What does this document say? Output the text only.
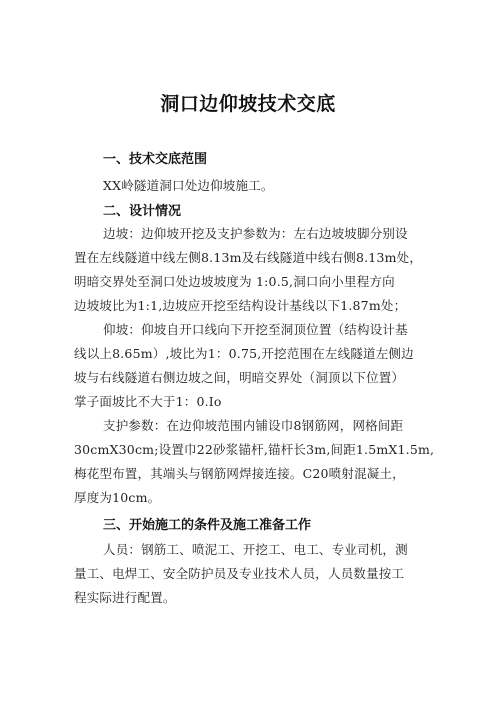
洞口边仰坡技术交底
一、技术交底范围
XX岭隧道洞口处边仰坡施工。
二、设计情况
边坡：边仰坡开挖及支护参数为：左右边坡坡脚分别设
置在左线隧道中线左侧8.13m及右线隧道中线右侧8.13m处，
明暗交界处至洞口处边坡坡度为 1:0.5,洞口向小里程方向
边坡坡比为1:1,边坡应开挖至结构设计基线以下1.87m处；
仰坡：仰坡自开口线向下开挖至洞顶位置（结构设计基
线以上8.65m）,坡比为1：0.75,开挖范围在左线隧道左侧边
坡与右线隧道右侧边坡之间，明暗交界处（洞顶以下位置）
掌子面坡比不大于1：0.Io
支护参数：在边仰坡范围内铺设巾8钢筋网，网格间距
30cmX30cm;设置巾22砂浆锚杆,锚杆长3m,间距1.5mX1.5m,
梅花型布置，其端头与钢筋网焊接连接。C20喷射混凝土，
厚度为10cm。
三、开始施工的条件及施工准备工作
人员：钢筋工、喷泥工、开挖工、电工、专业司机，测
量工、电焊工、安全防护员及专业技术人员，人员数量按工
程实际进行配置。
